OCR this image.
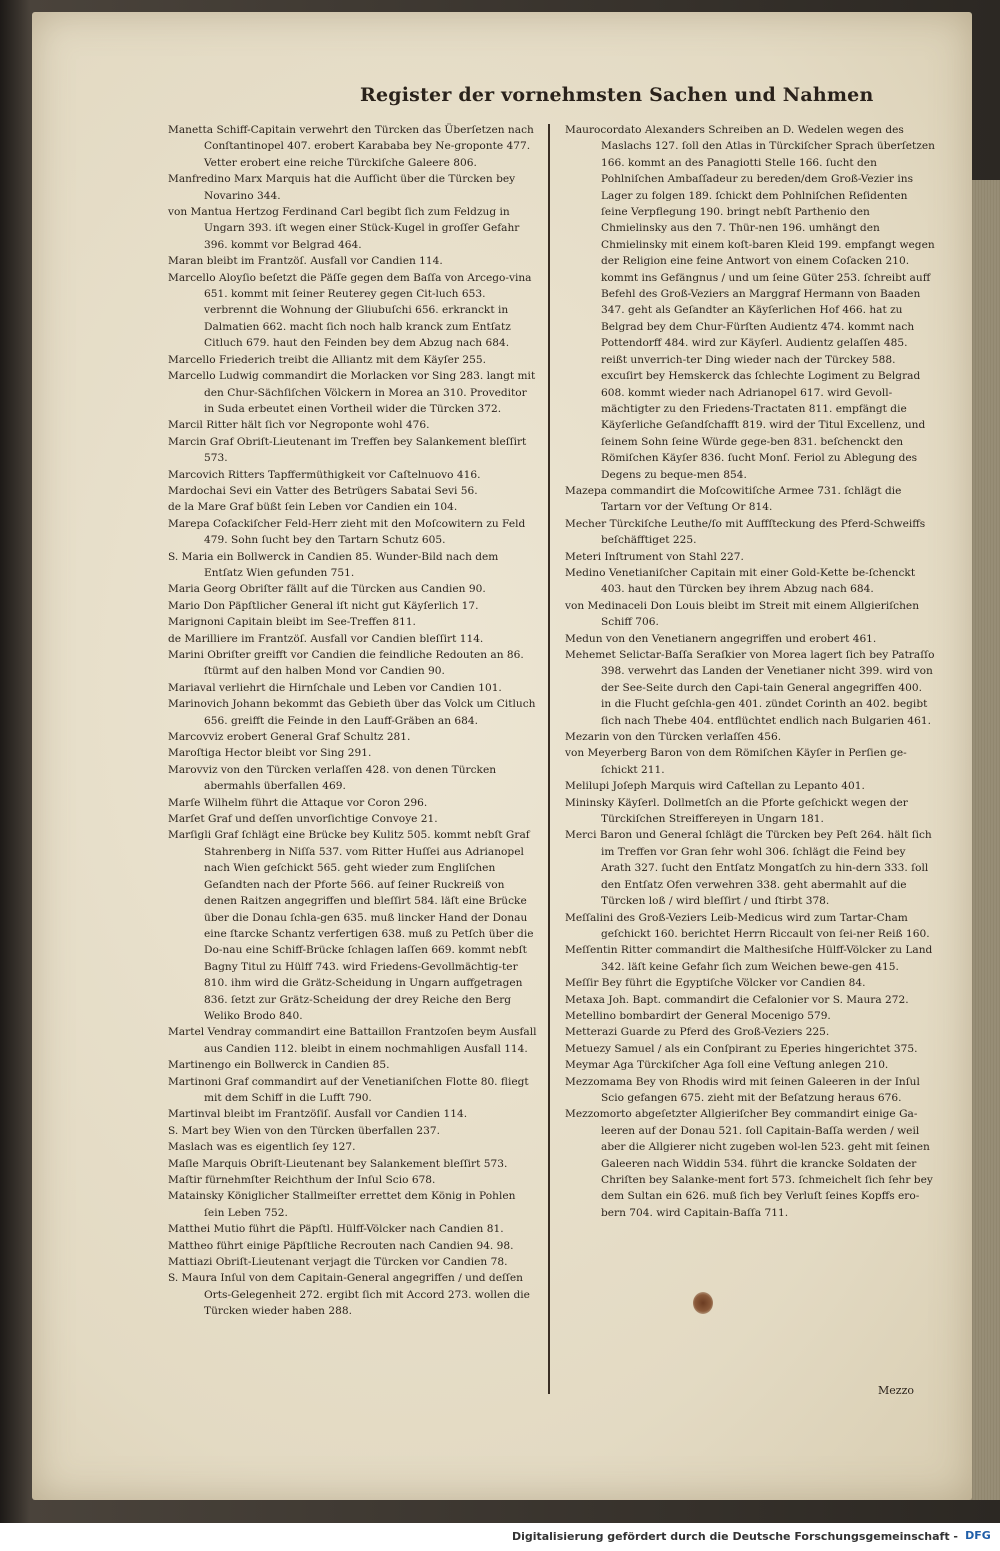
Register der vornehmsten Sachen und Nahmen
Manetta Schiff-Capitain verwehrt den Türcken das Überſetzen nach Conſtantinopel 407. erobert Karababa bey Ne-groponte 477. Vetter erobert eine reiche Türckiſche Galeere 806.
Manfredino Marx Marquis hat die Aufſicht über die Türcken bey Novarino 344.
von Mantua Hertzog Ferdinand Carl begibt ſich zum Feldzug in Ungarn 393. iſt wegen einer Stück-Kugel in groſſer Gefahr 396. kommt vor Belgrad 464.
Maran bleibt im Frantzöſ. Ausfall vor Candien 114.
Marcello Aloyſio beſetzt die Päſſe gegen dem Baſſa von Arcego-vina 651. kommt mit ſeiner Reuterey gegen Cit-luch 653. verbrennt die Wohnung der Gliubuſchi 656. erkranckt in Dalmatien 662. macht ſich noch halb kranck zum Entſatz Citluch 679. haut den Feinden bey dem Abzug nach 684.
Marcello Friederich treibt die Alliantz mit dem Käyſer 255.
Marcello Ludwig commandirt die Morlacken vor Sing 283. langt mit den Chur-Sächſiſchen Völckern in Morea an 310. Proveditor in Suda erbeutet einen Vortheil wider die Türcken 372.
Marcil Ritter hält ſich vor Negroponte wohl 476.
Marcin Graf Obriſt-Lieutenant im Treffen bey Salankement bleſſirt 573.
Marcovich Ritters Tapffermüthigkeit vor Caſtelnuovo 416.
Mardochai Sevi ein Vatter des Betrügers Sabatai Sevi 56.
de la Mare Graf büßt ſein Leben vor Candien ein 104.
Marepa Coſackiſcher Feld-Herr zieht mit den Moſcowitern zu Feld 479. Sohn ſucht bey den Tartarn Schutz 605.
S. Maria ein Bollwerck in Candien 85. Wunder-Bild nach dem Entſatz Wien gefunden 751.
Maria Georg Obriſter fällt auf die Türcken aus Candien 90.
Mario Don Päpſtlicher General iſt nicht gut Käyſerlich 17.
Marignoni Capitain bleibt im See-Treffen 811.
de Marilliere im Frantzöſ. Ausfall vor Candien bleſſirt 114.
Marini Obriſter greifft vor Candien die feindliche Redouten an 86. ſtürmt auf den halben Mond vor Candien 90.
Mariaval verliehrt die Hirnſchale und Leben vor Candien 101.
Marinovich Johann bekommt das Gebieth über das Volck um Citluch 656. greifft die Feinde in den Lauff-Gräben an 684.
Marcovviz erobert General Graf Schultz 281.
Maroſtiga Hector bleibt vor Sing 291.
Marovviz von den Türcken verlaſſen 428. von denen Türcken abermahls überfallen 469.
Marſe Wilhelm führt die Attaque vor Coron 296.
Marſet Graf und deſſen unvorſichtige Convoye 21.
Marſigli Graf ſchlägt eine Brücke bey Kulitz 505. kommt nebſt Graf Stahrenberg in Niſſa 537. vom Ritter Huſſei aus Adrianopel nach Wien geſchickt 565. geht wieder zum Engliſchen Geſandten nach der Pforte 566. auf ſeiner Ruckreiß von denen Raitzen angegriffen und bleſſirt 584. läſt eine Brücke über die Donau ſchla-gen 635. muß lincker Hand der Donau eine ſtarcke Schantz verfertigen 638. muß zu Petſch über die Do-nau eine Schiff-Brücke ſchlagen laſſen 669. kommt nebſt Bagny Titul zu Hülff 743. wird Friedens-Gevollmächtig-ter 810. ihm wird die Grätz-Scheidung in Ungarn auffgetragen 836. ſetzt zur Grätz-Scheidung der drey Reiche den Berg Weliko Brodo 840.
Martel Vendray commandirt eine Battaillon Frantzoſen beym Ausfall aus Candien 112. bleibt in einem nochmahligen Ausfall 114.
Martinengo ein Bollwerck in Candien 85.
Martinoni Graf commandirt auf der Venetianiſchen Flotte 80. fliegt mit dem Schiff in die Lufft 790.
Martinval bleibt im Frantzöſiſ. Ausfall vor Candien 114.
S. Mart bey Wien von den Türcken überfallen 237.
Maslach was es eigentlich ſey 127.
Maſle Marquis Obriſt-Lieutenant bey Salankement bleſſirt 573.
Maſtir fürnehmſter Reichthum der Inſul Scio 678.
Matainsky Königlicher Stallmeiſter errettet dem König in Pohlen ſein Leben 752.
Matthei Mutio führt die Päpſtl. Hülff-Völcker nach Candien 81.
Mattheo führt einige Päpſtliche Recrouten nach Candien 94. 98.
Mattiazi Obriſt-Lieutenant verjagt die Türcken vor Candien 78.
S. Maura Inſul von dem Capitain-General angegriffen / und deſſen Orts-Gelegenheit 272. ergibt ſich mit Accord 273. wollen die Türcken wieder haben 288.
Maurocordato Alexanders Schreiben an D. Wedelen wegen des Maslachs 127. ſoll den Atlas in Türckiſcher Sprach überſetzen 166. kommt an des Panagiotti Stelle 166. ſucht den Pohlniſchen Ambaſſadeur zu bereden/dem Groß-Vezier ins Lager zu folgen 189. ſchickt dem Pohlniſchen Reſidenten ſeine Verpflegung 190. bringt nebſt Parthenio den Chmielinsky aus den 7. Thür-nen 196. umhängt den Chmielinsky mit einem koſt-baren Kleid 199. empfangt wegen der Religion eine feine Antwort von einem Coſacken 210. kommt ins Gefängnus / und um ſeine Güter 253. ſchreibt auff Befehl des Groß-Veziers an Marggraf Hermann von Baaden 347. geht als Geſandter an Käyſerlichen Hof 466. hat zu Belgrad bey dem Chur-Fürſten Audientz 474. kommt nach Pottendorff 484. wird zur Käyſerl. Audientz gelaſſen 485. reißt unverrich-ter Ding wieder nach der Türckey 588. excuſirt bey Hemskerck das ſchlechte Logiment zu Belgrad 608. kommt wieder nach Adrianopel 617. wird Gevoll-mächtigter zu den Friedens-Tractaten 811. empfängt die Käyſerliche Geſandſchafft 819. wird der Titul Excellenz, und ſeinem Sohn ſeine Würde gege-ben 831. beſchenckt den Römiſchen Käyſer 836. ſucht Monſ. Feriol zu Ablegung des Degens zu beque-men 854.
Mazepa commandirt die Moſcowitiſche Armee 731. ſchlägt die Tartarn vor der Veſtung Or 814.
Mecher Türckiſche Leuthe/ſo mit Auffſteckung des Pferd-Schweiffs beſchäfftiget 225.
Meteri Inſtrument von Stahl 227.
Medino Venetianiſcher Capitain mit einer Gold-Kette be-ſchenckt 403. haut den Türcken bey ihrem Abzug nach 684.
von Medinaceli Don Louis bleibt im Streit mit einem Allgieriſchen Schiff 706.
Medun von den Venetianern angegriffen und erobert 461.
Mehemet Selictar-Baſſa Seraſkier von Morea lagert ſich bey Patraſſo 398. verwehrt das Landen der Venetianer nicht 399. wird von der See-Seite durch den Capi-tain General angegriffen 400. in die Flucht geſchla-gen 401. zündet Corinth an 402. begibt ſich nach Thebe 404. entflüchtet endlich nach Bulgarien 461.
Mezarin von den Türcken verlaſſen 456.
von Meyerberg Baron von dem Römiſchen Käyſer in Perſien ge-ſchickt 211.
Melilupi Joſeph Marquis wird Caſtellan zu Lepanto 401.
Mininsky Käyſerl. Dollmetſch an die Pforte geſchickt wegen der Türckiſchen Streiffereyen in Ungarn 181.
Merci Baron und General ſchlägt die Türcken bey Peſt 264. hält ſich im Treffen vor Gran ſehr wohl 306. ſchlägt die Feind bey Arath 327. ſucht den Entſatz Mongatſch zu hin-dern 333. ſoll den Entſatz Ofen verwehren 338. geht abermahlt auf die Türcken loß / wird bleſſirt / und ſtirbt 378.
Meſſalini des Groß-Veziers Leib-Medicus wird zum Tartar-Cham geſchickt 160. berichtet Herrn Riccault von ſei-ner Reiß 160.
Meſſentin Ritter commandirt die Malthesiſche Hülff-Völcker zu Land 342. läſt keine Gefahr ſich zum Weichen bewe-gen 415.
Meſſir Bey führt die Egyptiſche Völcker vor Candien 84.
Metaxa Joh. Bapt. commandirt die Cefalonier vor S. Maura 272.
Metellino bombardirt der General Mocenigo 579.
Metterazi Guarde zu Pferd des Groß-Veziers 225.
Metuezy Samuel / als ein Conſpirant zu Eperies hingerichtet 375.
Meymar Aga Türckiſcher Aga ſoll eine Veſtung anlegen 210.
Mezzomama Bey von Rhodis wird mit ſeinen Galeeren in der Inſul Scio gefangen 675. zieht mit der Beſatzung heraus 676.
Mezzomorto abgeſetzter Allgieriſcher Bey commandirt einige Ga-leeren auf der Donau 521. ſoll Capitain-Baſſa werden / weil aber die Allgierer nicht zugeben wol-len 523. geht mit ſeinen Galeeren nach Widdin 534. führt die krancke Soldaten der Chriſten bey Salanke-ment fort 573. ſchmeichelt ſich ſehr bey dem Sultan ein 626. muß ſich bey Verluſt ſeines Kopffs ero-bern 704. wird Capitain-Baſſa 711.
Mezzo
Digitalisierung gefördert durch die Deutsche Forschungsgemeinschaft - DFG
